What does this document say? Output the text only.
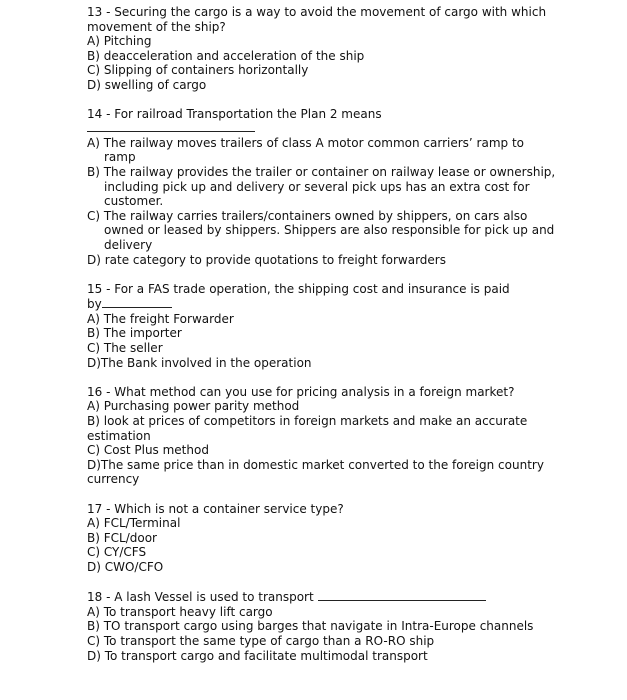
13 - Securing the cargo is a way to avoid the movement of cargo with which
movement of the ship?
A) Pitching
B) deacceleration and acceleration of the ship
C) Slipping of containers horizontally
D) swelling of cargo
14 - For railroad Transportation the Plan 2 means
A) The railway moves trailers of class A motor common carriers’ ramp to ramp
B) The railway provides the trailer or container on railway lease or ownership, including pick up and delivery or several pick ups has an extra cost for customer.
C) The railway carries trailers/containers owned by shippers, on cars also owned or leased by shippers. Shippers are also responsible for pick up and delivery
D) rate category to provide quotations to freight forwarders
15 - For a FAS trade operation, the shipping cost and insurance is paid
by
A) The freight Forwarder
B) The importer
C) The seller
D)The Bank involved in the operation
16 - What method can you use for pricing analysis in a foreign market?
A) Purchasing power parity method
B) look at prices of competitors in foreign markets and make an accurate
estimation
C) Cost Plus method
D)The same price than in domestic market converted to the foreign country
currency
17 - Which is not a container service type?
A) FCL/Terminal
B) FCL/door
C) CY/CFS
D) CWO/CFO
18 - A lash Vessel is used to transport
A) To transport heavy lift cargo
B) TO transport cargo using barges that navigate in Intra-Europe channels
C) To transport the same type of cargo than a RO-RO ship
D) To transport cargo and facilitate multimodal transport
